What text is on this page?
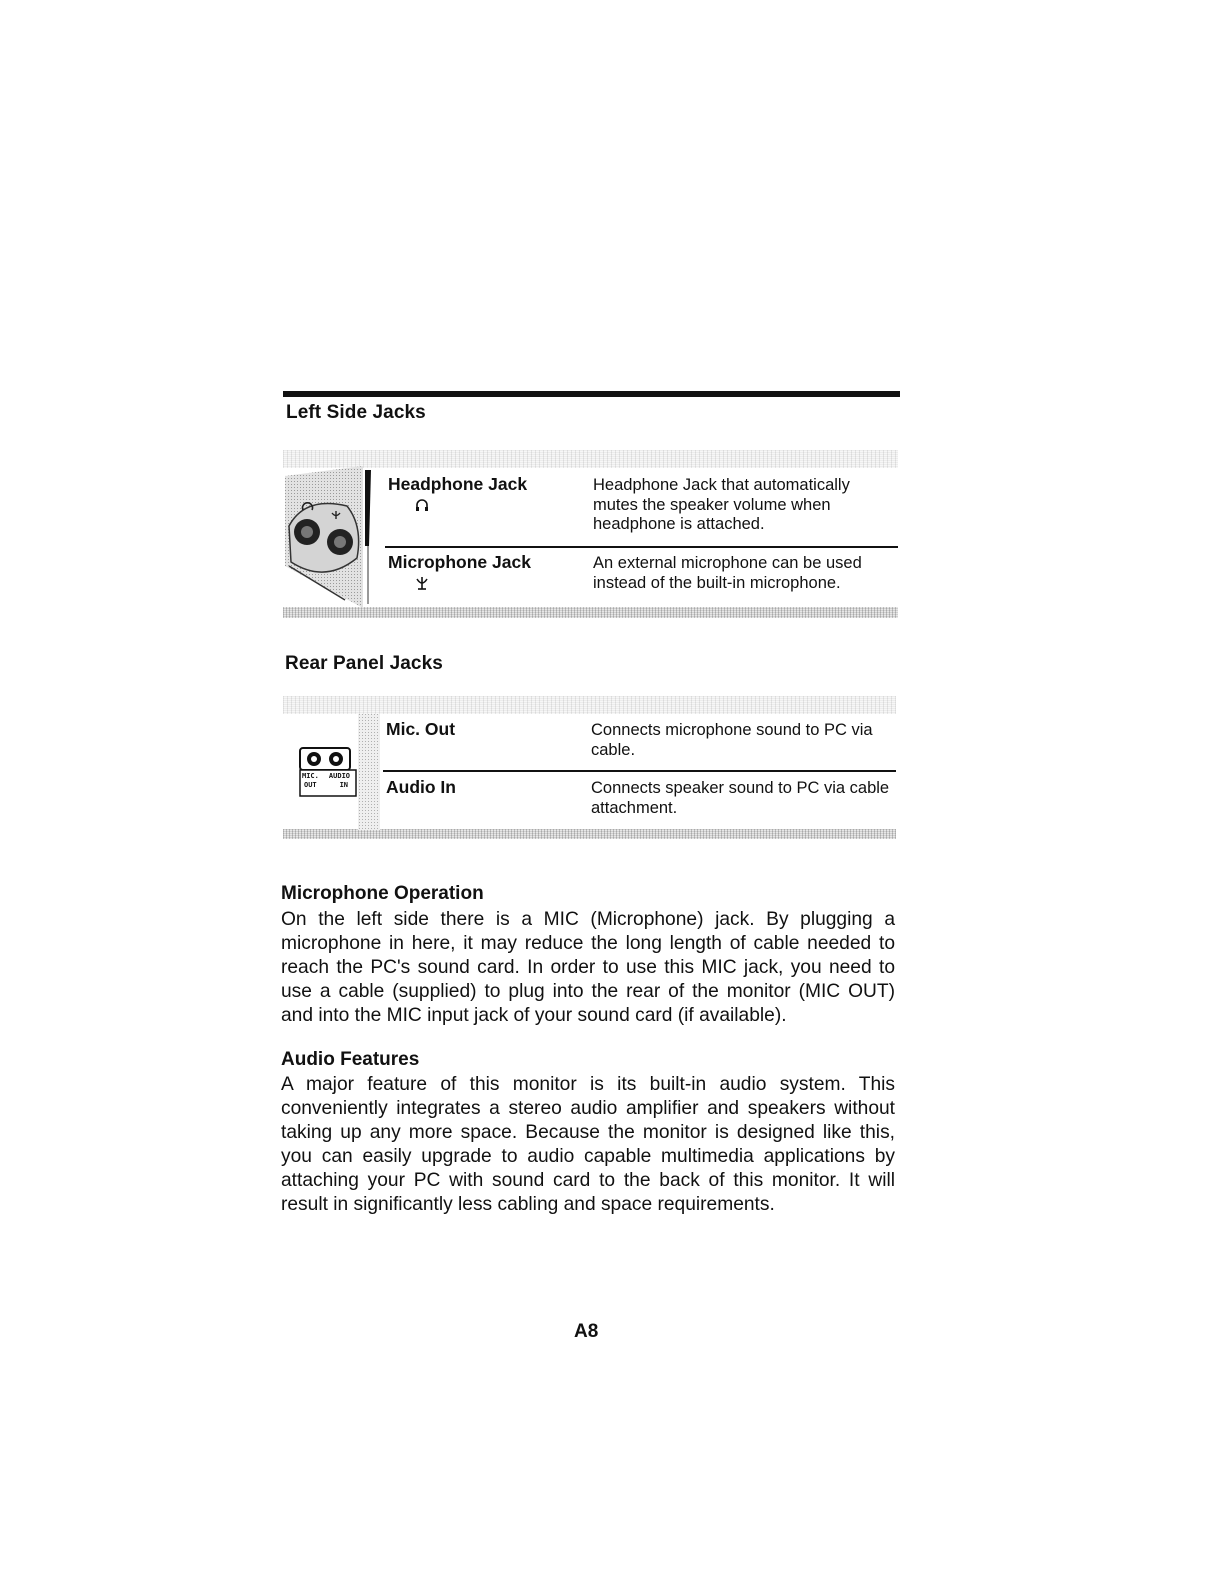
Left Side Jacks
Headphone Jack	Headphone Jack that automatically mutes the speaker volume when headphone is attached.
Microphone Jack	An external microphone can be used instead of the built-in microphone.
Rear Panel Jacks
MIC. AUDIO

OUT	IN
Mic. Out	Connects microphone sound to PC via cable.
Audio In	Connects speaker sound to PC via cable attachment.
Microphone Operation
On the left side there is a MIC (Microphone) jack. By plugging a microphone in here, it may reduce the long length of cable needed to reach the PC's sound card. In order to use this MIC jack, you need to use a cable (supplied) to plug into the rear of the monitor (MIC OUT) and into the MIC input jack of your sound card (if available).
Audio Features
A major feature of this monitor is its built-in audio system. This conveniently integrates a stereo audio amplifier and speakers without taking up any more space. Because the monitor is designed like this, you can easily upgrade to audio capable multimedia applications by attaching your PC with sound card to the back of this monitor. It will result in significantly less cabling and space requirements.
A8
